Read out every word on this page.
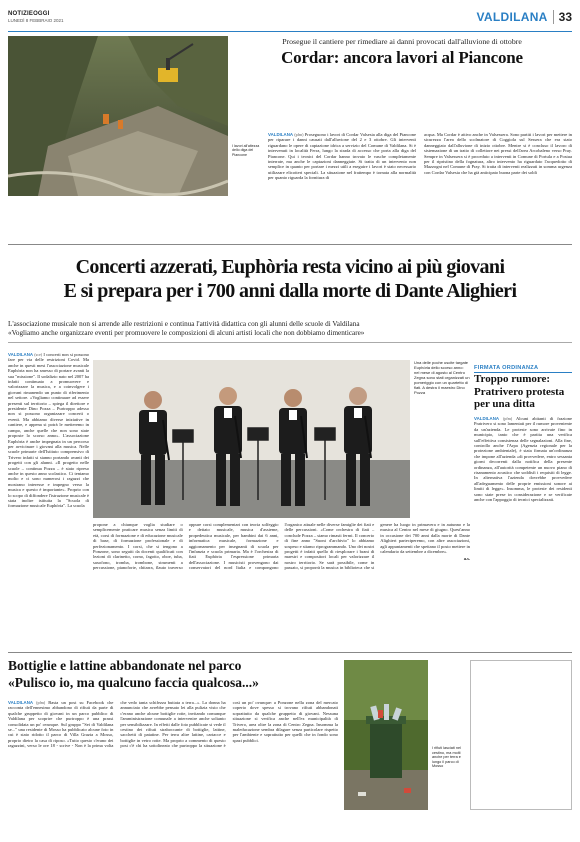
NOTIZIEOGGI
LUNEDÌ 8 FEBBRAIO 2021	VALDILANA 33
Prosegue il cantiere per rimediare ai danni provocati dall'alluvione di ottobre
Cordar: ancora lavori al Piancone
I lavori all'altezza dello diga del Piancone

VALDILANA (pfm) Proseguono i lavori di Cordar Valsesia alla diga del Piancone per riparare i danni causati dall'alluvione del 2 e 3 ottobre. Gli interventi riguardano le opere di captazione idrica a servizio del Comune di Valdilana. Si è intervenuti in località Ferra, lungo la strada di accesso che porta alla diga del Piancone. Qui i tecnici del Cordar hanno trovato le vasche completamente interrate, ma anche le captazioni danneggiate. Si tratta di un intervento non semplice in quanto per portare i mezzi utili a eseguire i lavori è stato necessario utilizzare elicotteri speciali. La situazione nel frattempo è tornata alla normalità per quanto riguarda la fornitura di

acqua. Ma Cordar è attivo anche in Valsessera. Sono partiti i lavori per mettere in sicurezza l'area dello scolmatore di Coggiola sul Sessera che era stato danneggiato dall'alluvione di inizio ottobre. Mentre si è concluso il lavoro di sistemazione di un tratto di collettore nei pressi dell'area Arcobaleno verso Pray. Sempre in Valsessera si è proceduto a interventi in Comune di Portula e a Postua per il ripristino della fognatura, altro intervento ha riguardato l'acquedotto di Mazzogni nel Comune di Pray. Si tratta di interventi realizzati in somma urgenza con Cordar Valsesia che ha già anticipato buona parte dei soldi

Concerti azzerati, Euphòria resta vicino ai più giovani
E si prepara per i 700 anni dalla morte di Dante Alighieri
L'associazione musicale non si arrende alle restrizioni e continua l'attività didattica con gli alunni delle scuole di Valdilana
«Vogliamo anche organizzare eventi per promuovere le composizioni di alcuni artisti locali che non dobbiamo dimenticare»
VALDILANA (sce) I concerti non si possono fare per via delle restrizioni Covid. Ma anche in questi mesi l'associazione musicale Euphòria non ha smesso di portare avanti la sua "missione". Il sodalizio nato nel 2007 ha infatti continuato a promuovere e valorizzare la musica, e a coinvolgere i giovani rimanendo un punto di riferimento nel settore. «Vogliamo continuare ad essere presenti sul territorio – spiega il direttore e presidente Dino Pozza – Purtroppo adesso non si possono organizzare concerti o eventi. Ma abbiamo diverse iniziative in cantiere, e appena si potrà le metteremo in campo, anche quelle che non sono state proposte lo scorso anno». L'associazione Euphòria è anche impegnata in un percorso per avvicinare i giovani alla musica. Nelle scuole primarie dell'Istituto comprensivo di Trivero infatti si stanno portando avanti dei progetti con gli alunni. «Il progetto nelle scuole – continua Pozza – è stato ripreso anche in questo anno scolastico. Ci teniamo molto e ci sono numerosi i ragazzi che mostrano interesse e impegno verso la musica e questo è importante». Proprio con lo scopo di diffondere l'istruzione musicale è stata inoltre istituita la "Scuola di formazione musicale Euphòria". La scuola
Una delle poche uscite targate Euphòria dello scorso anno: nel mese di agosto al Centro Zegna sono stati organizzati un pomeriggio con un quartetto di flati. A destra il maestro Dino Pozza

propone a chiunque voglia studiare o semplicemente praticare musica senza limiti di età, corsi di formazione e di educazione musicale di base, di formazione professionale e di perfezionamento. I corsi, che si tengono a Ponzone, sono seguiti da docenti qualificati con lezioni di clarinetto, corno, fagotto, oboe, tuba, saxofono, tromba, trombone, strumenti a percussione, pianoforte, chitarra, flauto traverso oppure corsi complementari con teoria solfeggio e dettato musicale, musica d'assieme, propedeutica musicale, per bambini dai 6 anni, informatica musicale, formazione e aggiornamento per insegnanti di scuola per l'infanzia e scuola primaria. Ma è l'orchestra di fiati Euphòria l'espressione primaria dell'associazione. I musicisti provengono dai conservatori del nord Italia e compongono l'organico attuale nelle diverse famiglie dei fiati e delle percussioni. «Come orchestra di fiati – conclude Pozza – siamo rimasti fermi. Il concerto di fine anno "Suoni d'archivio" lo abbiamo sospeso e stiamo riprogrammando. Uno dei nostri progetti è infatti quello di riesplorare i brani di maestri e compositori locali per valorizzare il nostro territorio. Se sarà possibile, come in passato, si proporrà la musica in biblioteca che si genere ha luogo in primavera e in autunno e la musica al Centro nel mese di giugno. Quest'anno in occasione dei 700 anni dalla morte di Dante Alighieri parteciperemo, con altre associazioni, agli appuntamenti che spettano il posto mettere in calendario da settembre a dicembre».

a.s.
FIRMATA ORDINANZA
Troppo rumore: Pratrivero protesta per una ditta
VALDILANA (pfm) Alcuni abitanti di frazione Pratrivero si sono lamentati per il rumore proveniente da un'azienda. Le proteste sono arrivate fino in municipio, tanto che è partita una verifica sull'effettiva consistenza delle segnalazioni. Alla fine, controllo anche l'Arpa (Agenzia regionale per la protezione ambientale), è stata firmata un'ordinanza che impone all'azienda «di provvedere, entro sessanta giorni decorrenti dalla notifica della presente ordinanza, all'autorità competente un nuovo piano di risanamento acustico che soddisfi i requisiti di legge. In alternativa l'azienda dovrebbe provvedere all'adeguamento delle proprie emissioni sonore ai limiti di legge». Insomma, le proteste dei residenti sono state prese in considerazione e se verificate anche con l'appoggio di tecnici specializzati.
Bottiglie e lattine abbandonate nel parco
«Pulisco io, ma qualcuno faccia qualcosa...»
VALDILANA (pfm) Basta un post su Facebook che racconta dell'ennesimo abbandono di rifiuti da parte di qualche gruppetto di giovani in un parco pubblico di Valdilana per scoprire che purtroppo è una prassi consolidata un po' ovunque. Sul gruppo "Sei di Valdilana se..." una residente di Mosso ha pubblicato alcune foto in cui è stato ridotto il parco di Villa Grazia a Mosso, proprio dietro la casa di riposo. «Tutto questo c'erano dei ragazzini, verso le ore 18 - scrive - Non è la prima volta che vedo tanta schifezza buttata a terra...». La donna ha annunciato che avrebbe pensato lei alla pulizia visto che c'erano anche alcune bottiglie rotte, invitando comunque l'amministrazione comunale a intervenire anche soltanto per sensibilizzare. In effetti dalle foto pubblicate si vede il cestino dei rifiuti straboccante di bottiglie, lattine, sacchetti di patatine. Per terra altre lattine, cartacce e bottiglie in vetro rotte. Ma proprio a commento di questo post c'è chi ha sottolineato che purtroppo la situazione è così un po' ovunque: a Ponzone nella zona del mercato coperto dove spesso si trovano rifiuti abbandonati soprattutto da qualche gruppetto di giovani. Nessuna situazione si verifica anche nell'ex municipalità di Trivero, area oltre la zona di Centro Zegna. Insomma la maleducazione sembra dilagare senza particolare rispetto per l'ambiente e soprattutto per quelli che in fondo sono spazi pubblici.
I rifiuti lasciati nel cestino, ma molti anche per terra e lungo il parco di Mosso
